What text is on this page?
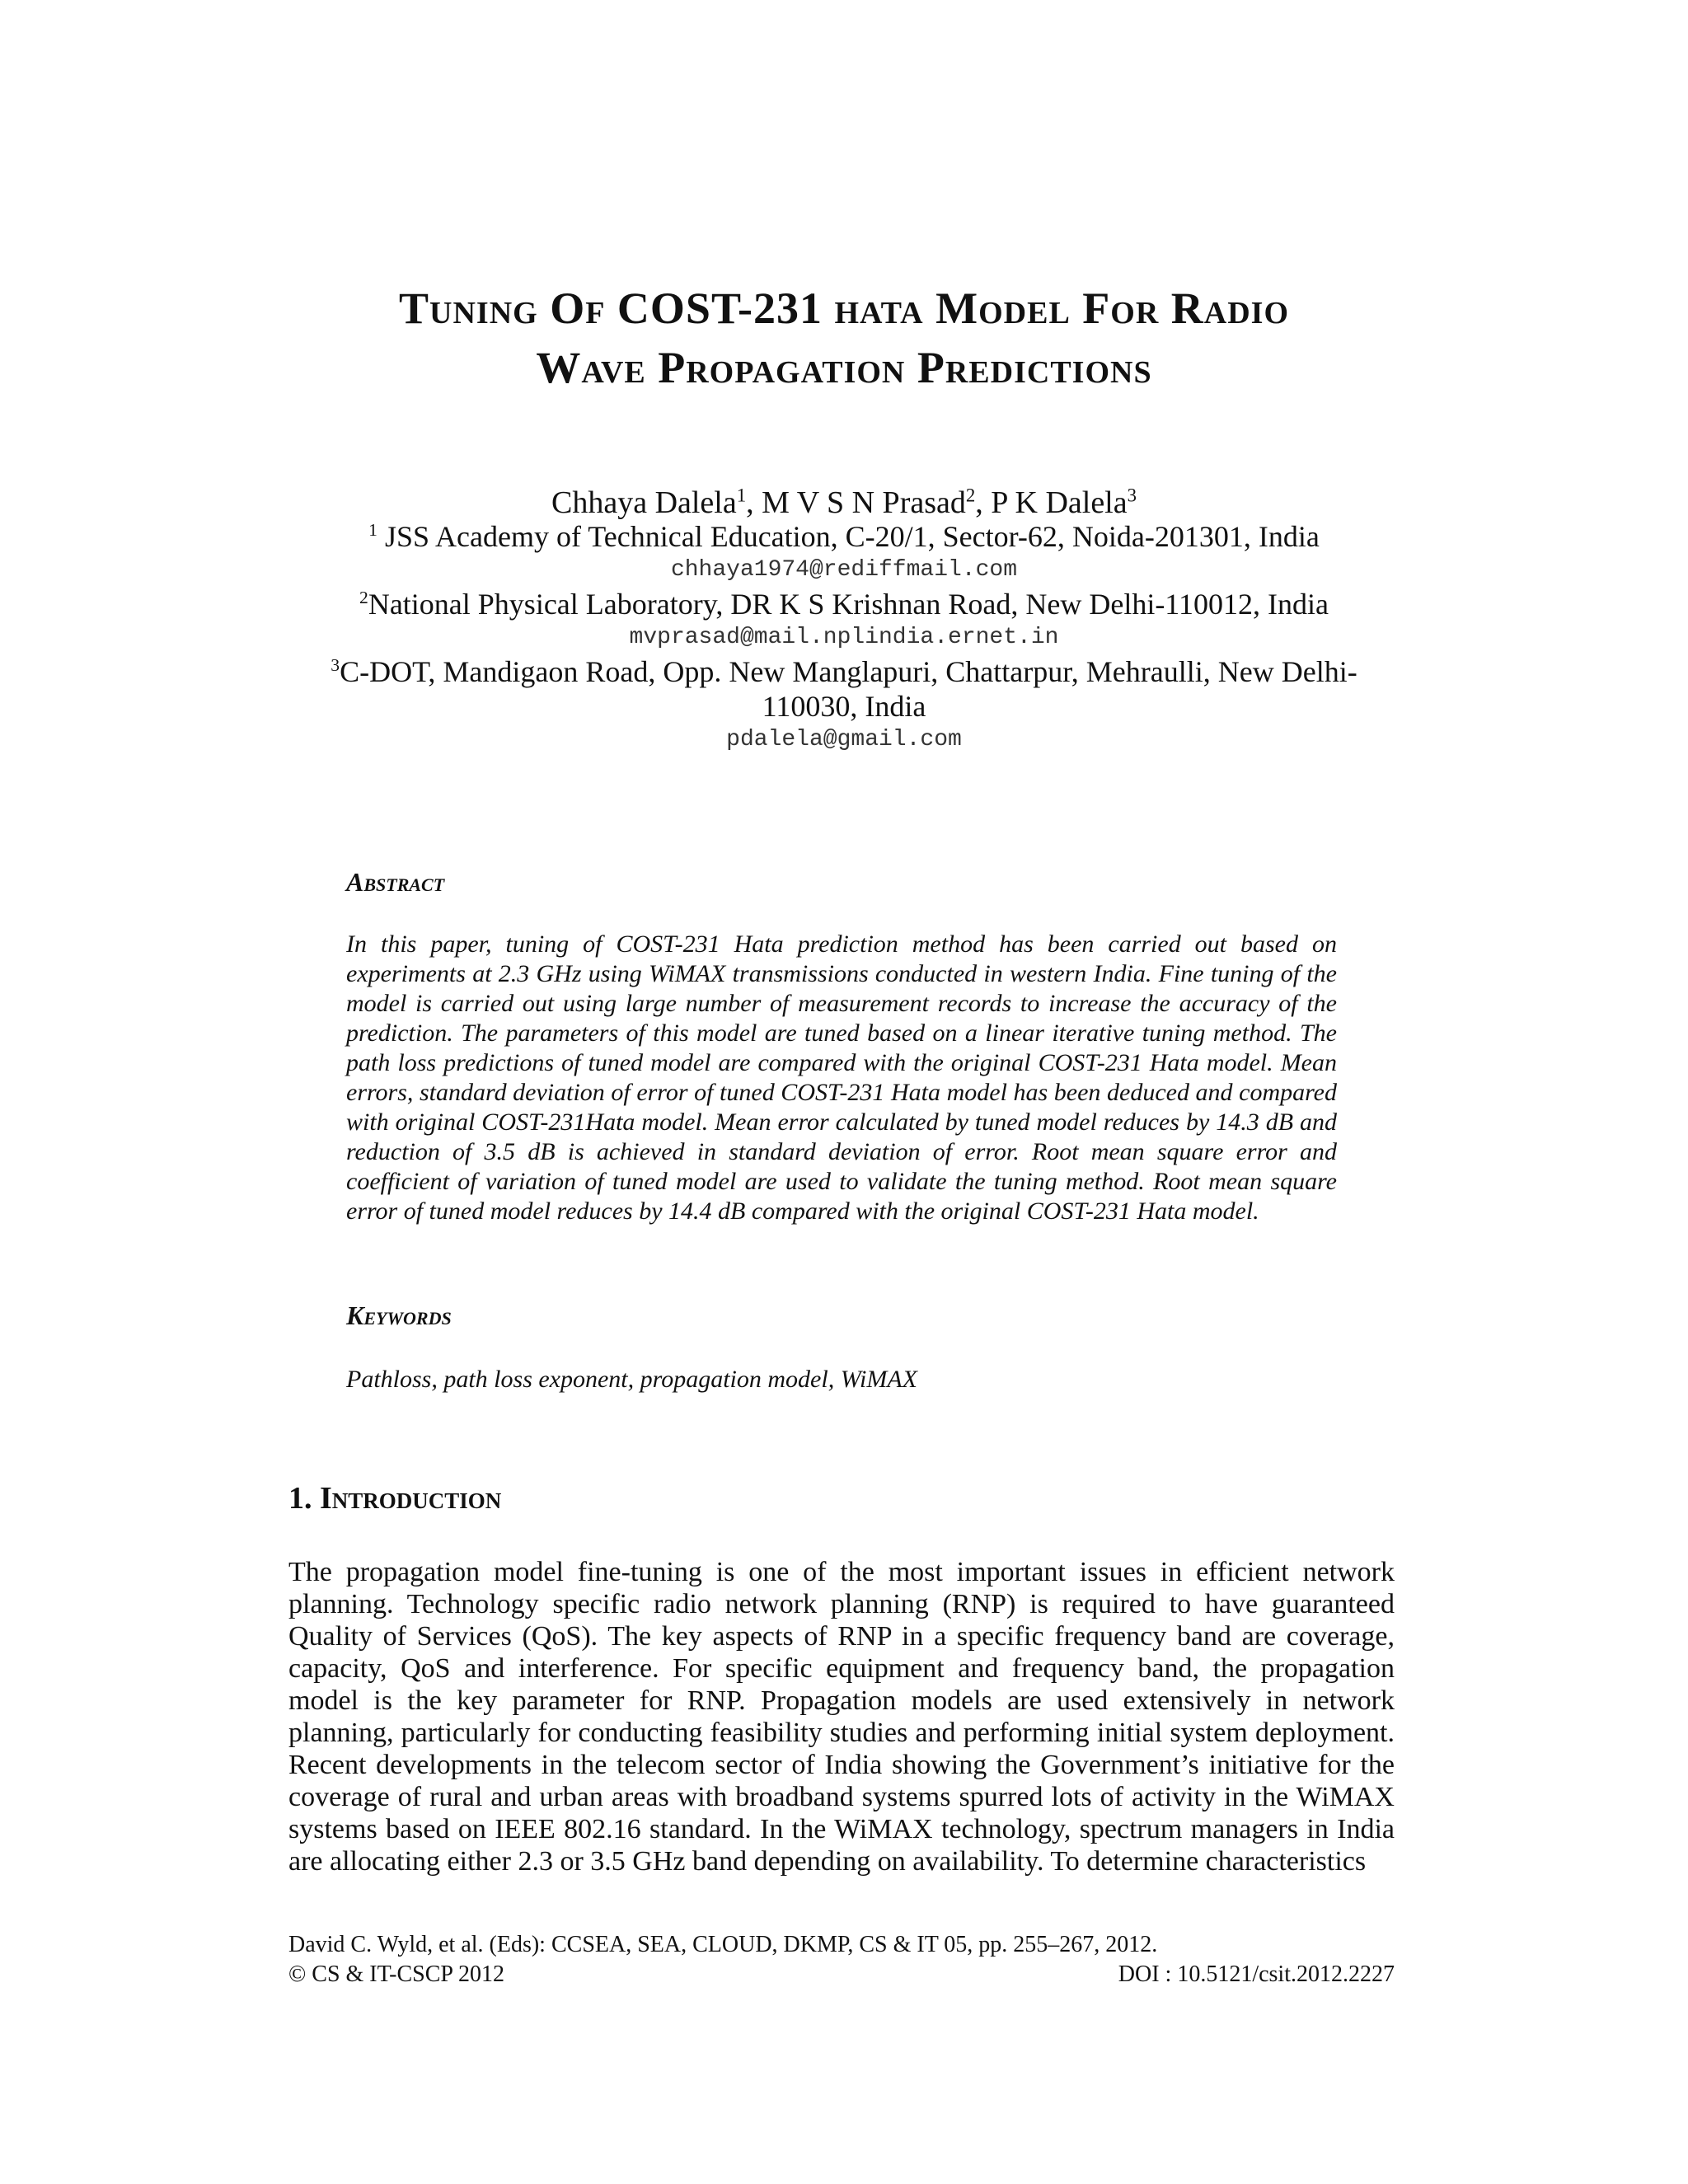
Tuning Of COST-231 hata Model For Radio
Wave Propagation Predictions
Chhaya Dalela$^1$, M V S N Prasad$^2$, P K Dalela$^3$
$^1$ JSS Academy of Technical Education, C-20/1, Sector-62, Noida-201301, India
chhaya1974@rediffmail.com
$^2$National Physical Laboratory, DR K S Krishnan Road, New Delhi-110012, India
mvprasad@mail.nplindia.ernet.in
$^3$C-DOT, Mandigaon Road, Opp. New Manglapuri, Chattarpur, Mehraulli, New Delhi-110030, India
pdalela@gmail.com
Abstract
In this paper, tuning of COST-231 Hata prediction method has been carried out based on experiments at 2.3 GHz using WiMAX transmissions conducted in western India. Fine tuning of the model is carried out using large number of measurement records to increase the accuracy of the prediction. The parameters of this model are tuned based on a linear iterative tuning method. The path loss predictions of tuned model are compared with the original COST-231 Hata model. Mean errors, standard deviation of error of tuned COST-231 Hata model has been deduced and compared with original COST-231Hata model. Mean error calculated by tuned model reduces by 14.3 dB and reduction of 3.5 dB is achieved in standard deviation of error. Root mean square error and coefficient of variation of tuned model are used to validate the tuning method. Root mean square error of tuned model reduces by 14.4 dB compared with the original COST-231 Hata model.
Keywords
Pathloss, path loss exponent, propagation model, WiMAX
1. Introduction
The propagation model fine-tuning is one of the most important issues in efficient network planning. Technology specific radio network planning (RNP) is required to have guaranteed Quality of Services (QoS). The key aspects of RNP in a specific frequency band are coverage, capacity, QoS and interference. For specific equipment and frequency band, the propagation model is the key parameter for RNP. Propagation models are used extensively in network planning, particularly for conducting feasibility studies and performing initial system deployment. Recent developments in the telecom sector of India showing the Government’s initiative for the coverage of rural and urban areas with broadband systems spurred lots of activity in the WiMAX systems based on IEEE 802.16 standard. In the WiMAX technology, spectrum managers in India are allocating either 2.3 or 3.5 GHz band depending on availability. To determine characteristics
David C. Wyld, et al. (Eds): CCSEA, SEA, CLOUD, DKMP, CS & IT 05, pp. 255–267, 2012.
© CS & IT-CSCP 2012	DOI : 10.5121/csit.2012.2227
